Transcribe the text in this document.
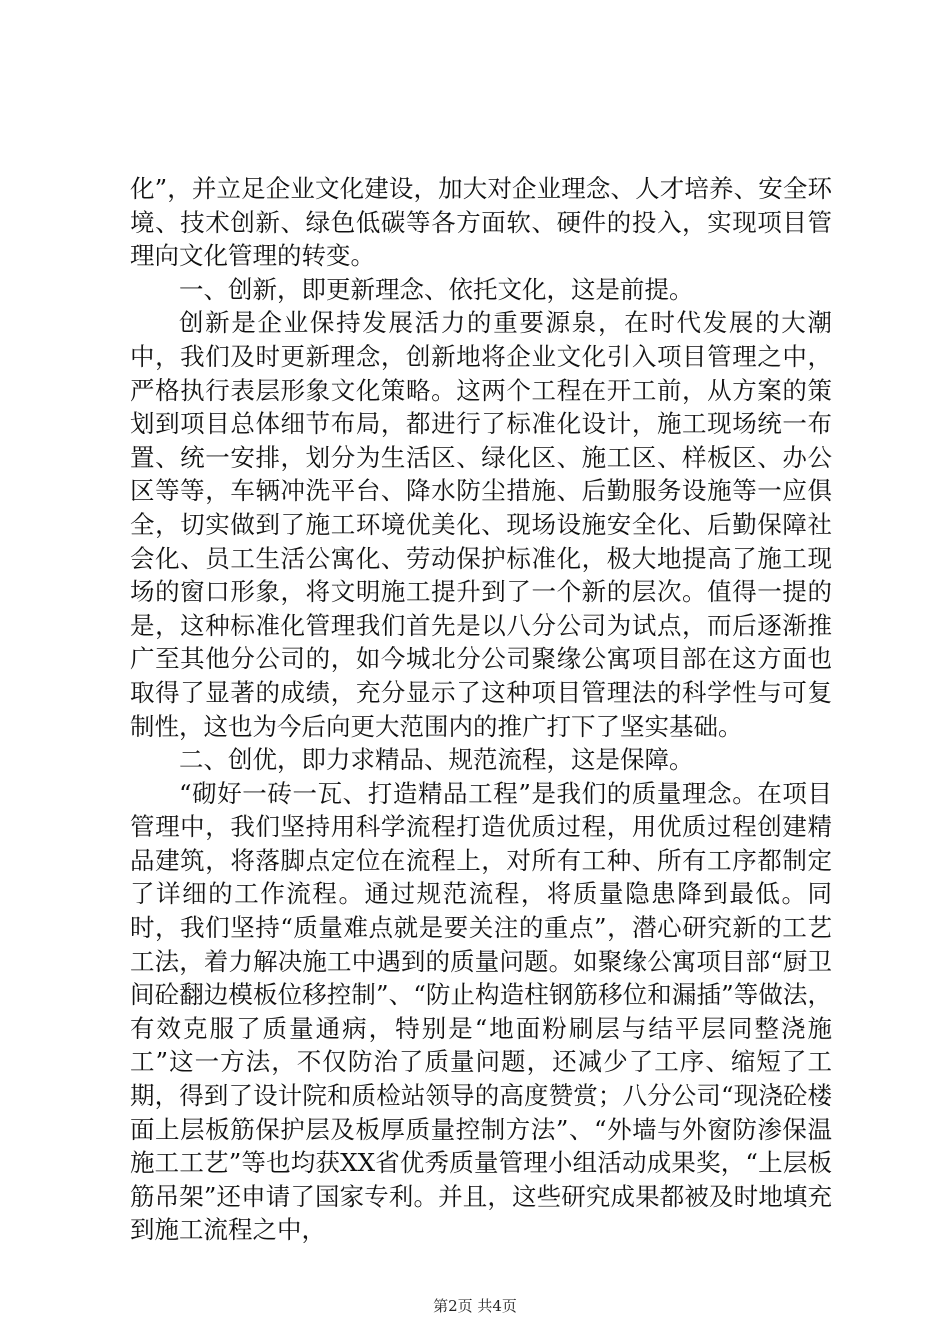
化”，并立足企业文化建设，加大对企业理念、人才培养、安全环境、技术创新、绿色低碳等各方面软、硬件的投入，实现项目管理向文化管理的转变。

一、创新，即更新理念、依托文化，这是前提。

创新是企业保持发展活力的重要源泉，在时代发展的大潮中，我们及时更新理念，创新地将企业文化引入项目管理之中，严格执行表层形象文化策略。这两个工程在开工前，从方案的策划到项目总体细节布局，都进行了标准化设计，施工现场统一布置、统一安排，划分为生活区、绿化区、施工区、样板区、办公区等等，车辆冲洗平台、降水防尘措施、后勤服务设施等一应俱全，切实做到了施工环境优美化、现场设施安全化、后勤保障社会化、员工生活公寓化、劳动保护标准化，极大地提高了施工现场的窗口形象，将文明施工提升到了一个新的层次。值得一提的是，这种标准化管理我们首先是以八分公司为试点，而后逐渐推广至其他分公司的，如今城北分公司聚缘公寓项目部在这方面也取得了显著的成绩，充分显示了这种项目管理法的科学性与可复制性，这也为今后向更大范围内的推广打下了坚实基础。

二、创优，即力求精品、规范流程，这是保障。

“砌好一砖一瓦、打造精品工程”是我们的质量理念。在项目管理中，我们坚持用科学流程打造优质过程，用优质过程创建精品建筑，将落脚点定位在流程上，对所有工种、所有工序都制定了详细的工作流程。通过规范流程，将质量隐患降到最低。同时，我们坚持“质量难点就是要关注的重点”，潜心研究新的工艺工法，着力解决施工中遇到的质量问题。如聚缘公寓项目部“厨卫间砼翻边模板位移控制”、“防止构造柱钢筋移位和漏插”等做法，有效克服了质量通病，特别是“地面粉刷层与结平层同整浇施工”这一方法，不仅防治了质量问题，还减少了工序、缩短了工期，得到了设计院和质检站领导的高度赞赏；八分公司“现浇砼楼面上层板筋保护层及板厚质量控制方法”、“外墙与外窗防渗保温施工工艺”等也均获XX省优秀质量管理小组活动成果奖，“上层板筋吊架”还申请了国家专利。并且，这些研究成果都被及时地填充到施工流程之中，

第2页 共4页
